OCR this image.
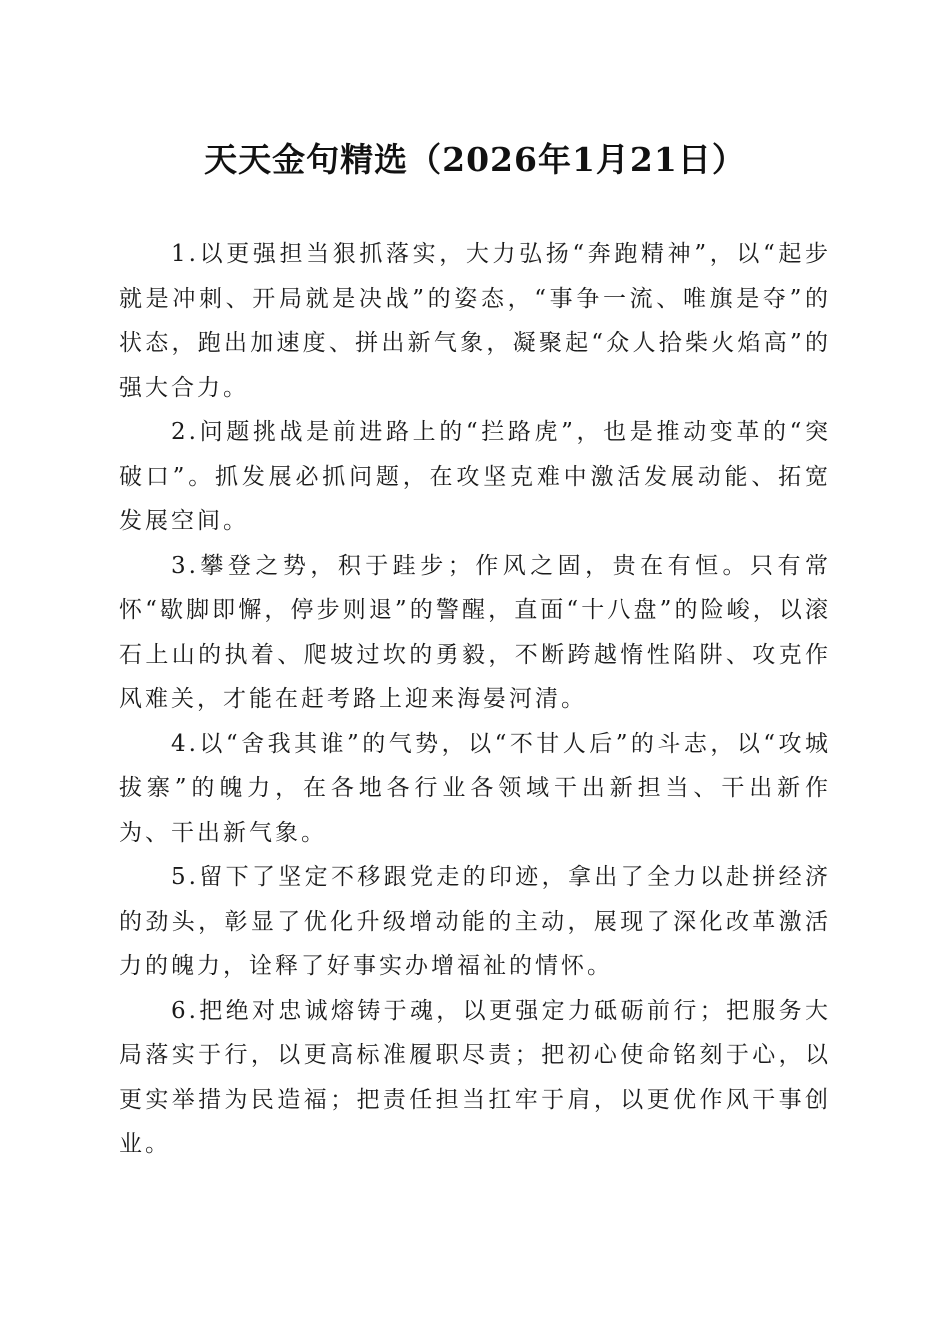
天天金句精选（2026年1月21日）

1.以更强担当狠抓落实，大力弘扬“奔跑精神”，以“起步就是冲刺、开局就是决战”的姿态，“事争一流、唯旗是夺”的状态，跑出加速度、拼出新气象，凝聚起“众人拾柴火焰高”的强大合力。

2.问题挑战是前进路上的“拦路虎”，也是推动变革的“突破口”。抓发展必抓问题，在攻坚克难中激活发展动能、拓宽发展空间。

3.攀登之势，积于跬步；作风之固，贵在有恒。只有常怀“歇脚即懈，停步则退”的警醒，直面“十八盘”的险峻，以滚石上山的执着、爬坡过坎的勇毅，不断跨越惰性陷阱、攻克作风难关，才能在赶考路上迎来海晏河清。

4.以“舍我其谁”的气势，以“不甘人后”的斗志，以“攻城拔寨”的魄力，在各地各行业各领域干出新担当、干出新作为、干出新气象。

5.留下了坚定不移跟党走的印迹，拿出了全力以赴拼经济的劲头，彰显了优化升级增动能的主动，展现了深化改革激活力的魄力，诠释了好事实办增福祉的情怀。

6.把绝对忠诚熔铸于魂，以更强定力砥砺前行；把服务大局落实于行，以更高标准履职尽责；把初心使命铭刻于心，以更实举措为民造福；把责任担当扛牢于肩，以更优作风干事创业。
